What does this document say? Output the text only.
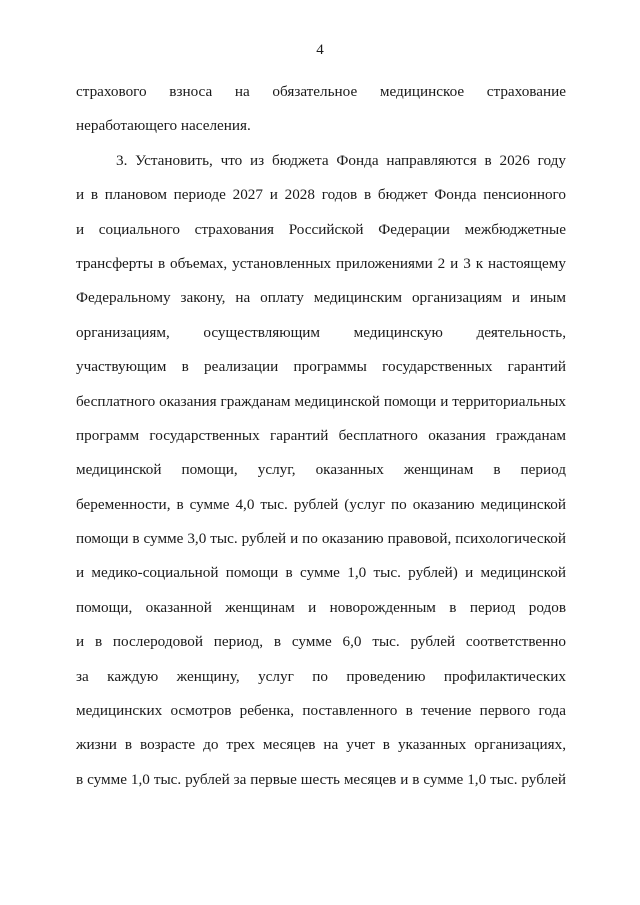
4
страхового взноса на обязательное медицинское страхование
неработающего населения.
3. Установить, что из бюджета Фонда направляются в 2026 году
и в плановом периоде 2027 и 2028 годов в бюджет Фонда пенсионного
и социального страхования Российской Федерации межбюджетные
трансферты в объемах, установленных приложениями 2 и 3 к настоящему
Федеральному закону, на оплату медицинским организациям и иным
организациям, осуществляющим медицинскую деятельность,
участвующим в реализации программы государственных гарантий
бесплатного оказания гражданам медицинской помощи и территориальных
программ государственных гарантий бесплатного оказания гражданам
медицинской помощи, услуг, оказанных женщинам в период
беременности, в сумме 4,0 тыс. рублей (услуг по оказанию медицинской
помощи в сумме 3,0 тыс. рублей и по оказанию правовой, психологической
и медико-социальной помощи в сумме 1,0 тыс. рублей) и медицинской
помощи, оказанной женщинам и новорожденным в период родов
и в послеродовой период, в сумме 6,0 тыс. рублей соответственно
за каждую женщину, услуг по проведению профилактических
медицинских осмотров ребенка, поставленного в течение первого года
жизни в возрасте до трех месяцев на учет в указанных организациях,
в сумме 1,0 тыс. рублей за первые шесть месяцев и в сумме 1,0 тыс. рублей
